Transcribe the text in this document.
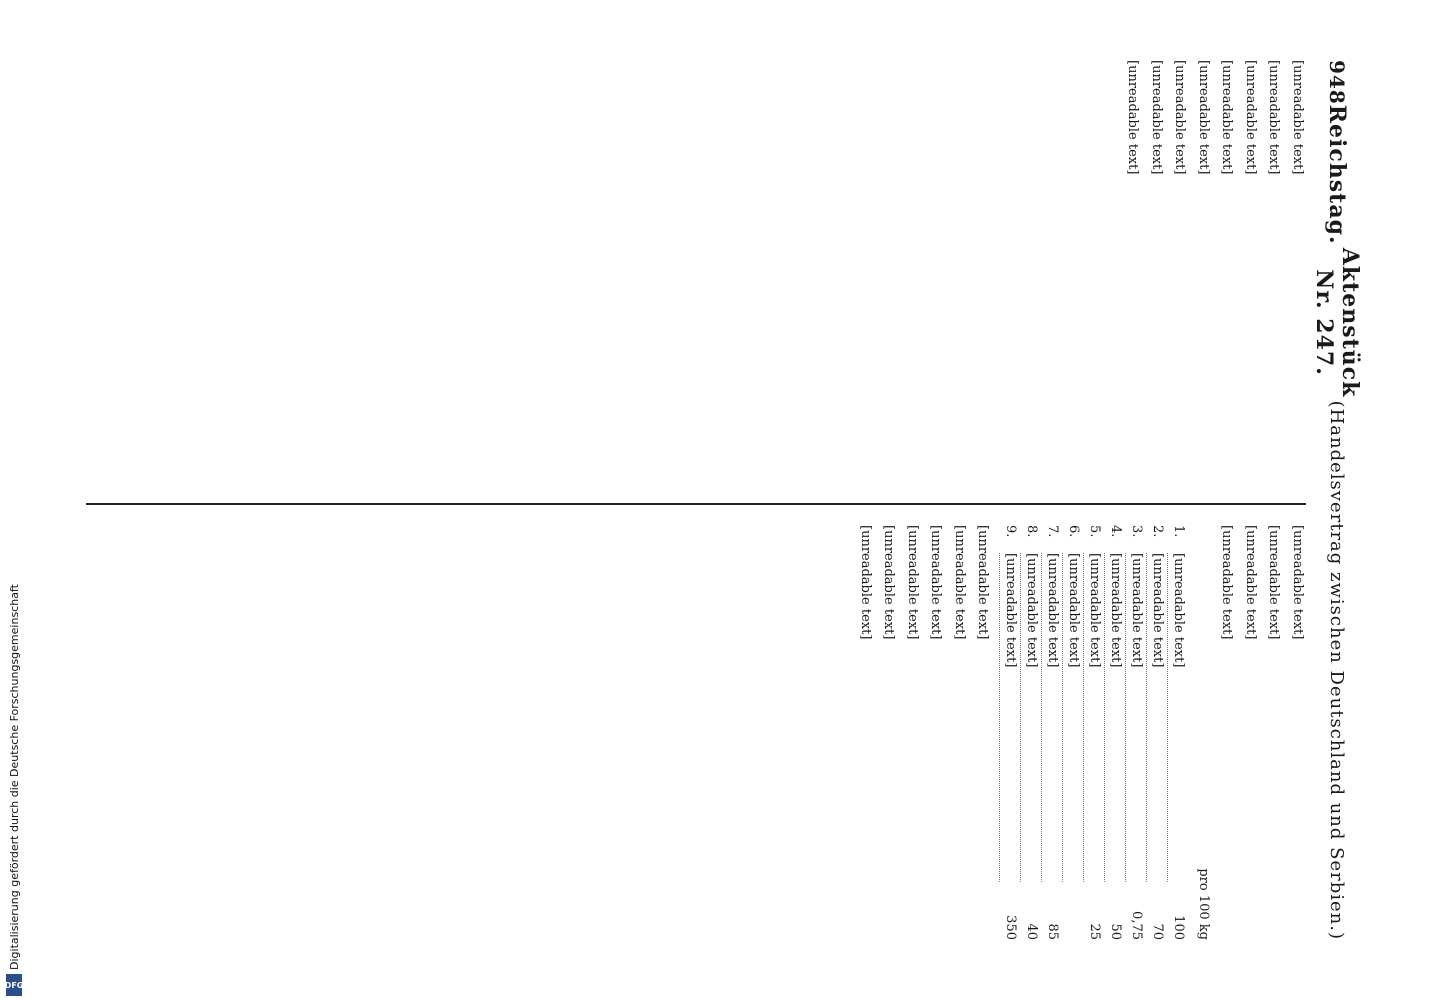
Digitalisierung gefördert durch die Deutsche Forschungsgemeinschaft
DFG
948
Reichstag.
Aktenstück Nr. 247.
(Handelsvertrag zwischen Deutschland und Serbien.)

[unreadable text]

[unreadable text]

[unreadable text]

[unreadable text]

[unreadable text]

[unreadable text]

[unreadable text]

[unreadable text]

[unreadable text]

[unreadable text]

[unreadable text]

[unreadable text]

pro 100 kg
1.
[unreadable text]
100
2.
[unreadable text]
70
3.
[unreadable text]
0,75
4.
[unreadable text]
50
5.
[unreadable text]
25
6.
[unreadable text]
7.
[unreadable text]
85
8.
[unreadable text]
40
9.
[unreadable text]
350

[unreadable text]

[unreadable text]

[unreadable text]

[unreadable text]

[unreadable text]

[unreadable text]
